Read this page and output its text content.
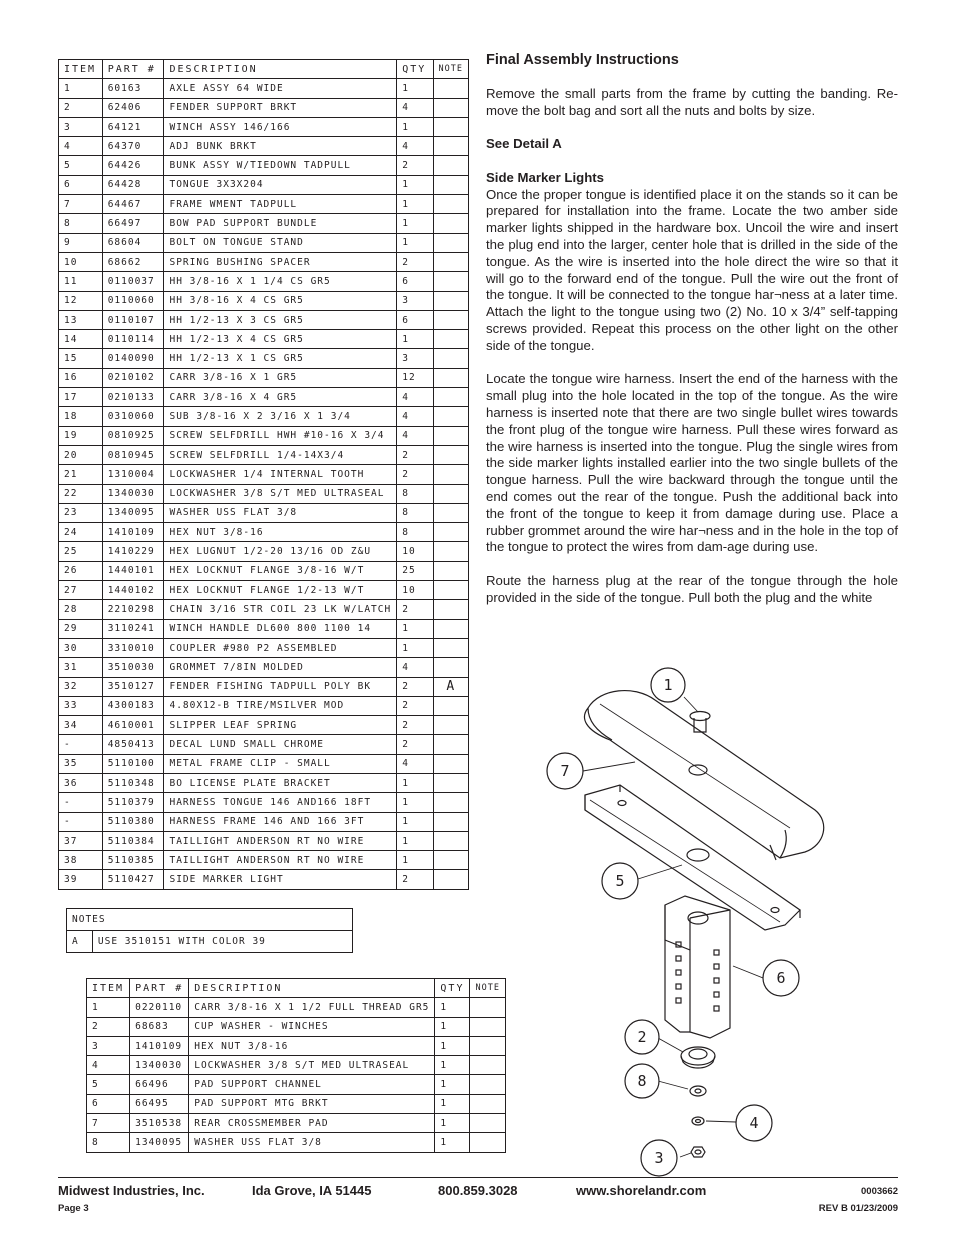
ITEM	PART #	DESCRIPTION	QTY	NOTE
1	60163	AXLE ASSY 64 WIDE	1	
2	62406	FENDER SUPPORT BRKT	4	
3	64121	WINCH ASSY 146/166	1	
4	64370	ADJ BUNK BRKT	4	
5	64426	BUNK ASSY W/TIEDOWN TADPULL	2	
6	64428	TONGUE 3X3X204	1	
7	64467	FRAME WMENT TADPULL	1	
8	66497	BOW PAD SUPPORT BUNDLE	1	
9	68604	BOLT ON TONGUE STAND	1	
10	68662	SPRING BUSHING SPACER	2	
11	0110037	HH 3/8-16 X 1 1/4 CS GR5	6	
12	0110060	HH 3/8-16 X 4 CS GR5	3	
13	0110107	HH 1/2-13 X 3 CS GR5	6	
14	0110114	HH 1/2-13 X 4 CS GR5	1	
15	0140090	HH 1/2-13 X 1 CS GR5	3	
16	0210102	CARR 3/8-16 X 1 GR5	12	
17	0210133	CARR 3/8-16 X 4 GR5	4	
18	0310060	SUB 3/8-16 X 2 3/16 X 1 3/4	4	
19	0810925	SCREW SELFDRILL HWH #10-16 X 3/4	4	
20	0810945	SCREW SELFDRILL 1/4-14X3/4	2	
21	1310004	LOCKWASHER 1/4 INTERNAL TOOTH	2	
22	1340030	LOCKWASHER 3/8 S/T MED ULTRASEAL	8	
23	1340095	WASHER USS FLAT 3/8	8	
24	1410109	HEX NUT 3/8-16	8	
25	1410229	HEX LUGNUT 1/2-20 13/16 OD Z&U	10	
26	1440101	HEX LOCKNUT FLANGE 3/8-16 W/T	25	
27	1440102	HEX LOCKNUT FLANGE 1/2-13 W/T	10	
28	2210298	CHAIN 3/16 STR COIL 23 LK W/LATCH	2	
29	3110241	WINCH HANDLE DL600 800 1100 14	1	
30	3310010	COUPLER #980 P2 ASSEMBLED	1	
31	3510030	GROMMET 7/8IN MOLDED	4	
32	3510127	FENDER FISHING TADPULL POLY BK	2	A
33	4300183	4.80X12-B TIRE/MSILVER MOD	2	
34	4610001	SLIPPER LEAF SPRING	2	
-	4850413	DECAL LUND SMALL CHROME	2	
35	5110100	METAL FRAME CLIP - SMALL	4	
36	5110348	BO LICENSE PLATE BRACKET	1	
-	5110379	HARNESS TONGUE 146 AND166 18FT	1	
-	5110380	HARNESS FRAME 146 AND 166 3FT	1	
37	5110384	TAILLIGHT ANDERSON RT NO WIRE	1	
38	5110385	TAILLIGHT ANDERSON RT NO WIRE	1	
39	5110427	SIDE MARKER LIGHT	2	
NOTES
A	USE 3510151 WITH COLOR 39
ITEM	PART #	DESCRIPTION	QTY	NOTE
1	0220110	CARR 3/8-16 X 1 1/2 FULL THREAD GR5	1	
2	68683	CUP WASHER - WINCHES	1	
3	1410109	HEX NUT 3/8-16	1	
4	1340030	LOCKWASHER 3/8 S/T MED ULTRASEAL	1	
5	66496	PAD SUPPORT CHANNEL	1	
6	66495	PAD SUPPORT MTG BRKT	1	
7	3510538	REAR CROSSMEMBER PAD	1	
8	1340095	WASHER USS FLAT 3/8	1	
Final Assembly Instructions

Remove the small parts from the frame by cutting the banding. Re-move the bolt bag and sort all the nuts and bolts by size.

See Detail A

Side Marker Lights

Once the proper tongue is identified place it on the stands so it can be prepared for installation into the frame. Locate the two amber side marker lights shipped in the hardware box. Uncoil the wire and insert the plug end into the larger, center hole that is drilled in the side of the tongue. As the wire is inserted into the hole direct the wire so that it will go to the forward end of the tongue. Pull the wire out the front of the tongue. It will be connected to the tongue har¬ness at a later time. Attach the light to the tongue using two (2) No. 10 x 3/4” self-tapping screws provided. Repeat this process on the other light on the other side of the tongue.

Locate the tongue wire harness. Insert the end of the harness with the small plug into the hole located in the top of the tongue. As the wire harness is inserted note that there are two single bullet wires towards the front plug of the tongue wire harness. Pull these wires forward as the wire harness is inserted into the tongue. Plug the single wires from the side marker lights installed earlier into the two single bullets of the tongue harness. Pull the wire backward through the tongue until the end comes out the rear of the tongue. Push the additional back into the front of the tongue to keep it from damage during use. Place a rubber grommet around the wire har¬ness and in the hole in the top of the tongue to protect the wires from dam-age during use.

Route the harness plug at the rear of the tongue through the hole provided in the side of the tongue. Pull both the plug and the white

1
7
5
6
2
8
4
3
Midwest Industries, Inc.	Ida Grove, IA 51445	800.859.3028	www.shorelandr.com	0003662
Page 3	REV B 01/23/2009
